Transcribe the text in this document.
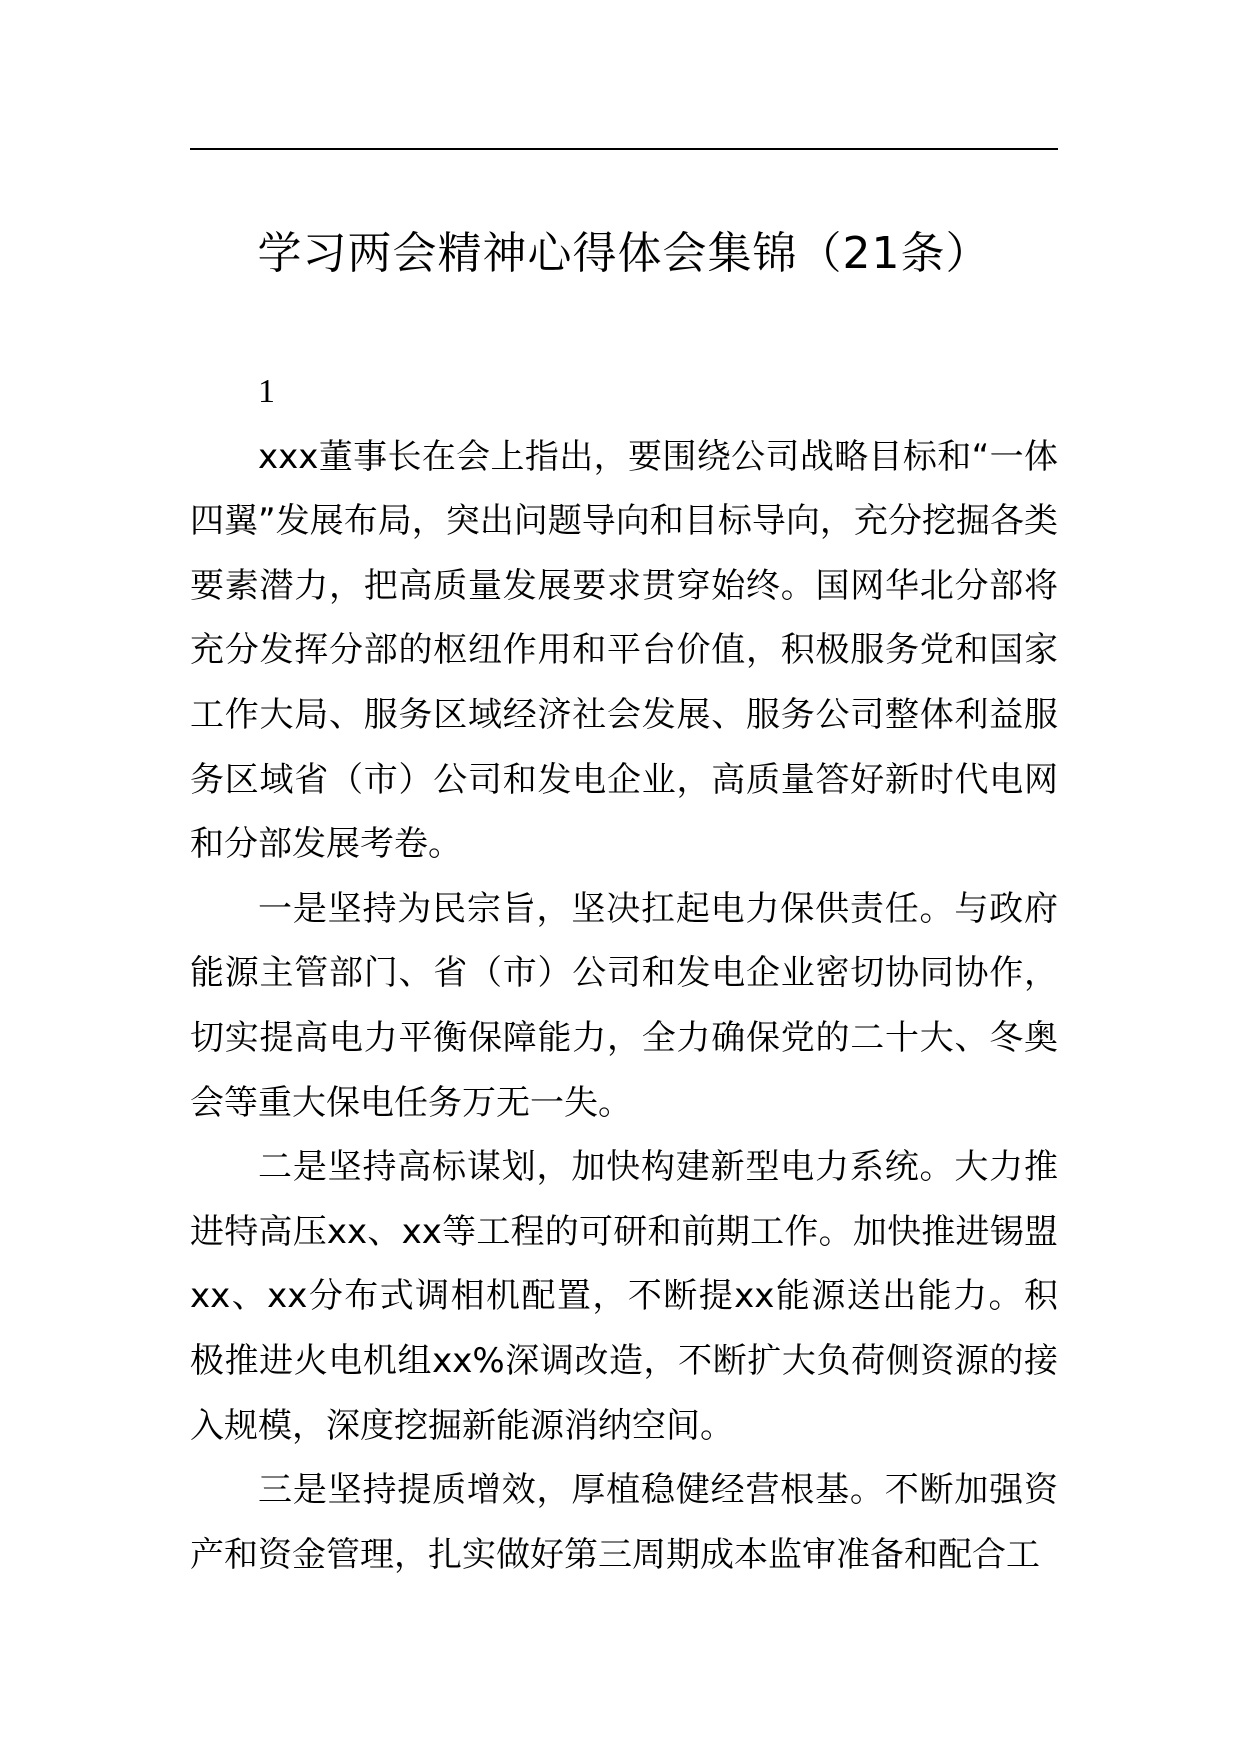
学习两会精神心得体会集锦（21条）

1

xxx董事长在会上指出，要围绕公司战略目标和“一体四翼”发展布局，突出问题导向和目标导向，充分挖掘各类要素潜力，把高质量发展要求贯穿始终。国网华北分部将充分发挥分部的枢纽作用和平台价值，积极服务党和国家工作大局、服务区域经济社会发展、服务公司整体利益服务区域省（市）公司和发电企业，高质量答好新时代电网和分部发展考卷。

一是坚持为民宗旨，坚决扛起电力保供责任。与政府能源主管部门、省（市）公司和发电企业密切协同协作，切实提高电力平衡保障能力，全力确保党的二十大、冬奥会等重大保电任务万无一失。

二是坚持高标谋划，加快构建新型电力系统。大力推进特高压xx、xx等工程的可研和前期工作。加快推进锡盟xx、xx分布式调相机配置，不断提xx能源送出能力。积极推进火电机组xx%深调改造，不断扩大负荷侧资源的接入规模，深度挖掘新能源消纳空间。

三是坚持提质增效，厚植稳健经营根基。不断加强资产和资金管理，扎实做好第三周期成本监审准备和配合工
